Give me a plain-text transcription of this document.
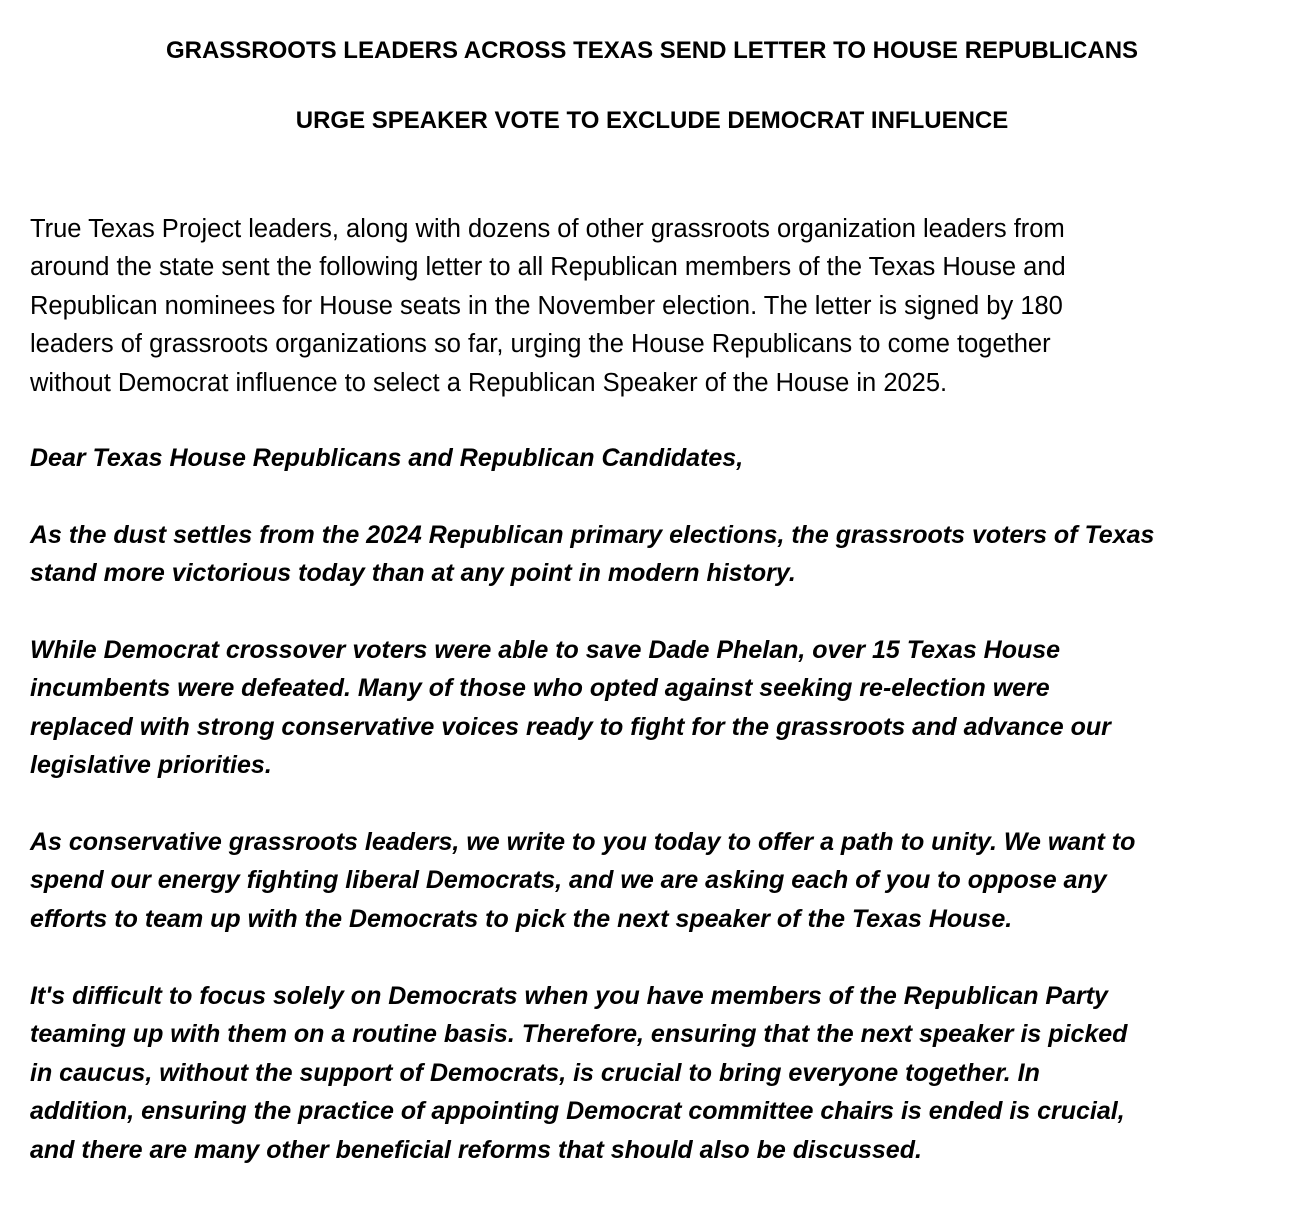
GRASSROOTS LEADERS ACROSS TEXAS SEND LETTER TO HOUSE REPUBLICANS
URGE SPEAKER VOTE TO EXCLUDE DEMOCRAT INFLUENCE

True Texas Project leaders, along with dozens of other grassroots organization leaders from
around the state sent the following letter to all Republican members of the Texas House and
Republican nominees for House seats in the November election. The letter is signed by 180
leaders of grassroots organizations so far, urging the House Republicans to come together
without Democrat influence to select a Republican Speaker of the House in 2025.

Dear Texas House Republicans and Republican Candidates,

As the dust settles from the 2024 Republican primary elections, the grassroots voters of Texas
stand more victorious today than at any point in modern history.

While Democrat crossover voters were able to save Dade Phelan, over 15 Texas House
incumbents were defeated. Many of those who opted against seeking re-election were
replaced with strong conservative voices ready to fight for the grassroots and advance our
legislative priorities.

As conservative grassroots leaders, we write to you today to offer a path to unity. We want to
spend our energy fighting liberal Democrats, and we are asking each of you to oppose any
efforts to team up with the Democrats to pick the next speaker of the Texas House.

It's difficult to focus solely on Democrats when you have members of the Republican Party
teaming up with them on a routine basis. Therefore, ensuring that the next speaker is picked
in caucus, without the support of Democrats, is crucial to bring everyone together. In
addition, ensuring the practice of appointing Democrat committee chairs is ended is crucial,
and there are many other beneficial reforms that should also be discussed.
